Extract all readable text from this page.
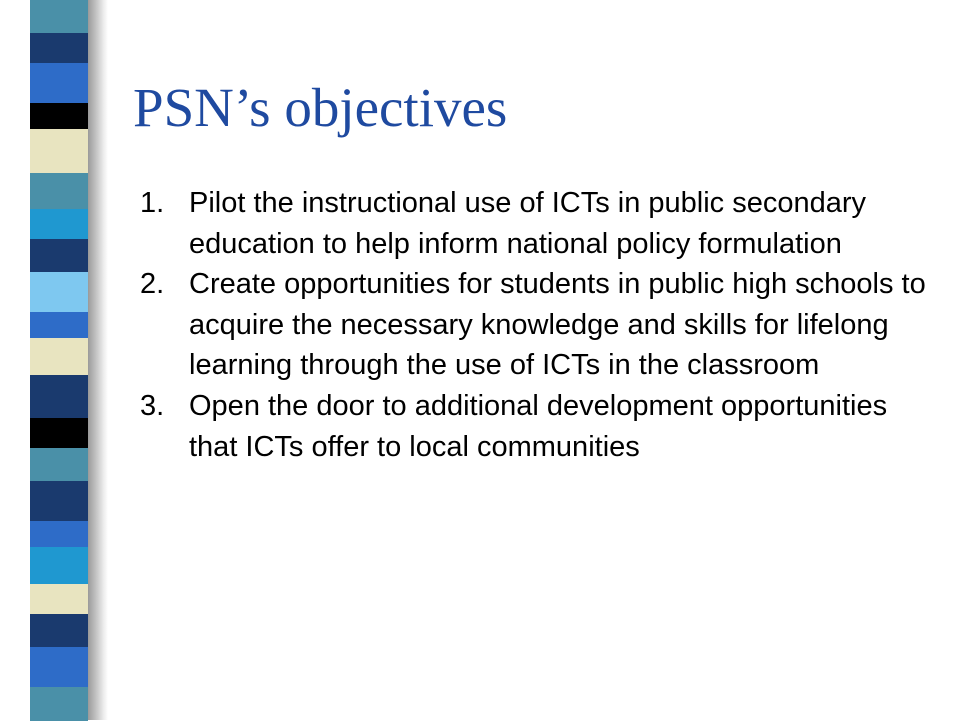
PSN’s objectives
1. Pilot the instructional use of ICTs in public secondary education to help inform national policy formulation
2. Create opportunities for students in public high schools to acquire the necessary knowledge and skills for lifelong learning through the use of ICTs in the classroom
3. Open the door to additional development opportunities that ICTs offer to local communities
